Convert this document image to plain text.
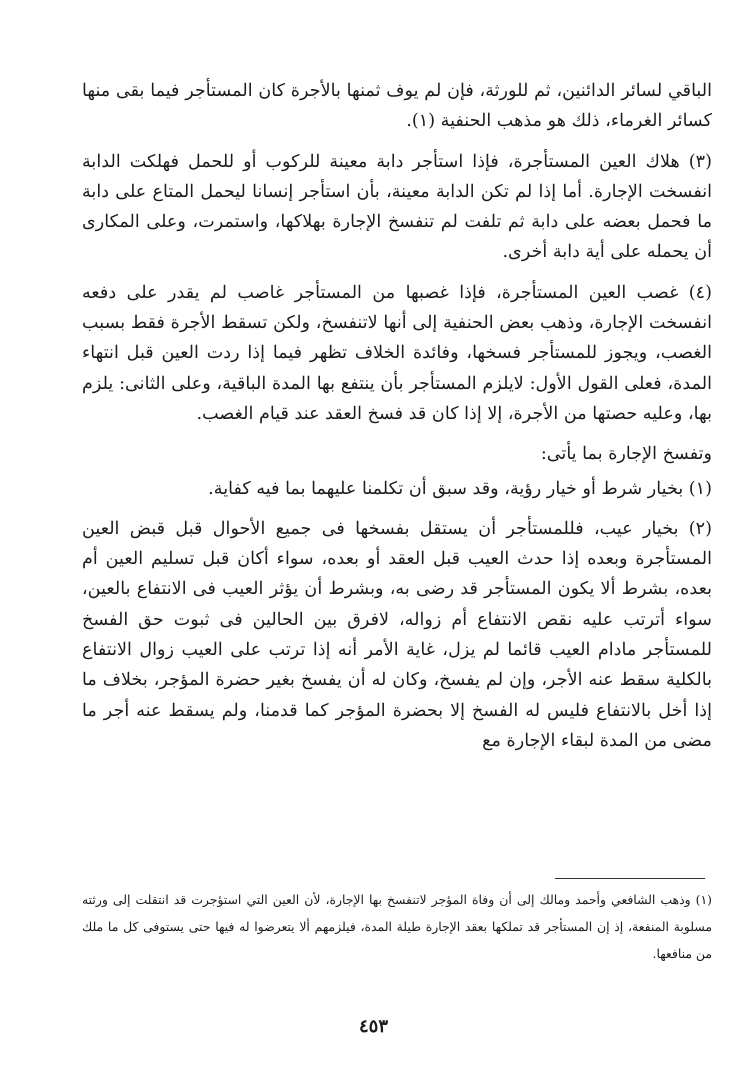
الباقي لسائر الدائنين، ثم للورثة، فإن لم يوف ثمنها بالأجرة كان المستأجر فيما بقى منها كسائر الغرماء، ذلك هو مذهب الحنفية (١).

(٣) هلاك العين المستأجرة، فإذا استأجر دابة معينة للركوب أو للحمل فهلكت الدابة انفسخت الإجارة. أما إذا لم تكن الدابة معينة، بأن استأجر إنسانا ليحمل المتاع على دابة ما فحمل بعضه على دابة ثم تلفت لم تنفسخ الإجارة بهلاكها، واستمرت، وعلى المكارى أن يحمله على أية دابة أخرى.

(٤) غصب العين المستأجرة، فإذا غصبها من المستأجر غاصب لم يقدر على دفعه انفسخت الإجارة، وذهب بعض الحنفية إلى أنها لاتنفسخ، ولكن تسقط الأجرة فقط بسبب الغصب، ويجوز للمستأجر فسخها، وفائدة الخلاف تظهر فيما إذا ردت العين قبل انتهاء المدة، فعلى القول الأول: لايلزم المستأجر بأن ينتفع بها المدة الباقية، وعلى الثانى: يلزم بها، وعليه حصتها من الأجرة، إلا إذا كان قد فسخ العقد عند قيام الغصب.

وتفسخ الإجارة بما يأتى:

(١) بخيار شرط أو خيار رؤية، وقد سبق أن تكلمنا عليهما بما فيه كفاية.

(٢) بخيار عيب، فللمستأجر أن يستقل بفسخها فى جميع الأحوال قبل قبض العين المستأجرة وبعده إذا حدث العيب قبل العقد أو بعده، سواء أكان قبل تسليم العين أم بعده، بشرط ألا يكون المستأجر قد رضى به، وبشرط أن يؤثر العيب فى الانتفاع بالعين، سواء أترتب عليه نقص الانتفاع أم زواله، لافرق بين الحالين فى ثبوت حق الفسخ للمستأجر مادام العيب قائما لم يزل، غاية الأمر أنه إذا ترتب على العيب زوال الانتفاع بالكلية سقط عنه الأجر، وإن لم يفسخ، وكان له أن يفسخ بغير حضرة المؤجر، بخلاف ما إذا أخل بالانتفاع فليس له الفسخ إلا بحضرة المؤجر كما قدمنا، ولم يسقط عنه أجر ما مضى من المدة لبقاء الإجارة مع

(١) وذهب الشافعي وأحمد ومالك إلى أن وفاة المؤجر لاتنفسخ بها الإجارة، لأن العين التي استؤجرت قد انتقلت إلى ورثته مسلوبة المنفعة، إذ إن المستأجر قد تملكها بعقد الإجارة طيلة المدة، فيلزمهم ألا يتعرضوا له فيها حتى يستوفى كل ما ملك من منافعها.

٤٥٣
